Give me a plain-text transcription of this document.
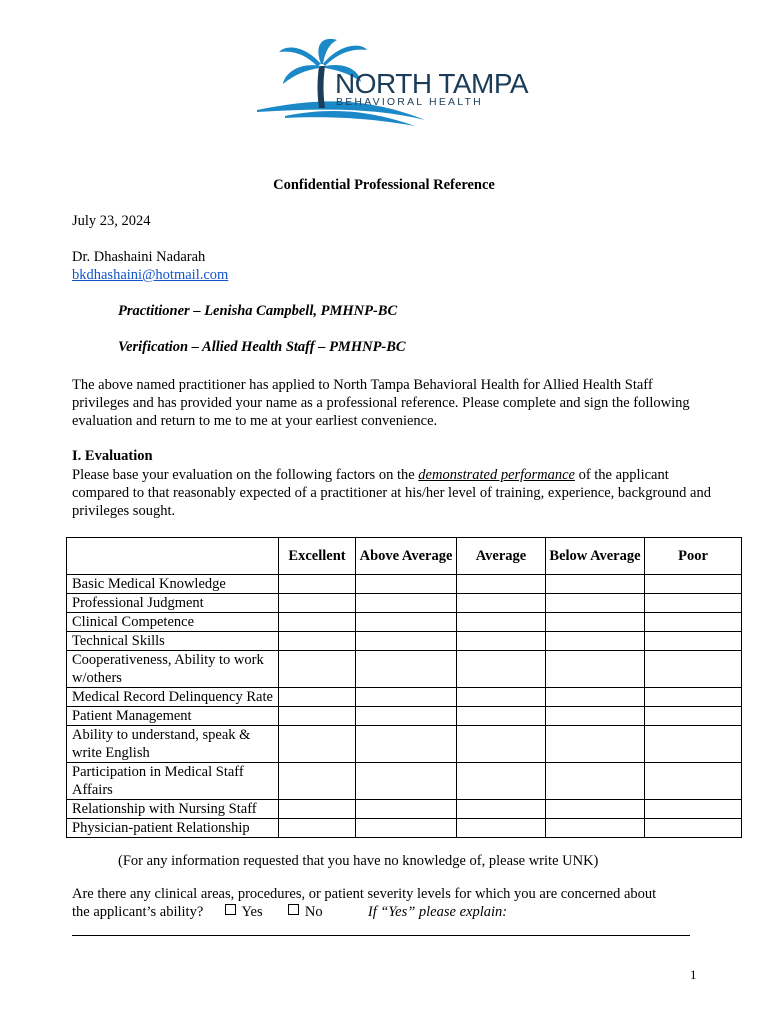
NORTH TAMPA
BEHAVIORAL HEALTH
Confidential Professional Reference
July 23, 2024
Dr. Dhashaini Nadarah
bkdhashaini@hotmail.com
Practitioner – Lenisha Campbell, PMHNP-BC
Verification – Allied Health Staff – PMHNP-BC
The above named practitioner has applied to North Tampa Behavioral Health for Allied Health Staff privileges and has provided your name as a professional reference. Please complete and sign the following evaluation and return to me to me at your earliest convenience.
I. Evaluation
Please base your evaluation on the following factors on the demonstrated performance of the applicant compared to that reasonably expected of a practitioner at his/her level of training, experience, background and privileges sought.
	Excellent	Above Average	Average	Below Average	Poor
Basic Medical Knowledge					
Professional Judgment					
Clinical Competence					
Technical Skills					
Cooperativeness, Ability to work w/others					
Medical Record Delinquency Rate					
Patient Management					
Ability to understand, speak & write English					
Participation in Medical Staff Affairs					
Relationship with Nursing Staff					
Physician-patient Relationship					
(For any information requested that you have no knowledge of, please write UNK)
Are there any clinical areas, procedures, or patient severity levels for which you are concerned about
the applicant’s ability?	Yes	No	If “Yes” please explain:
1
